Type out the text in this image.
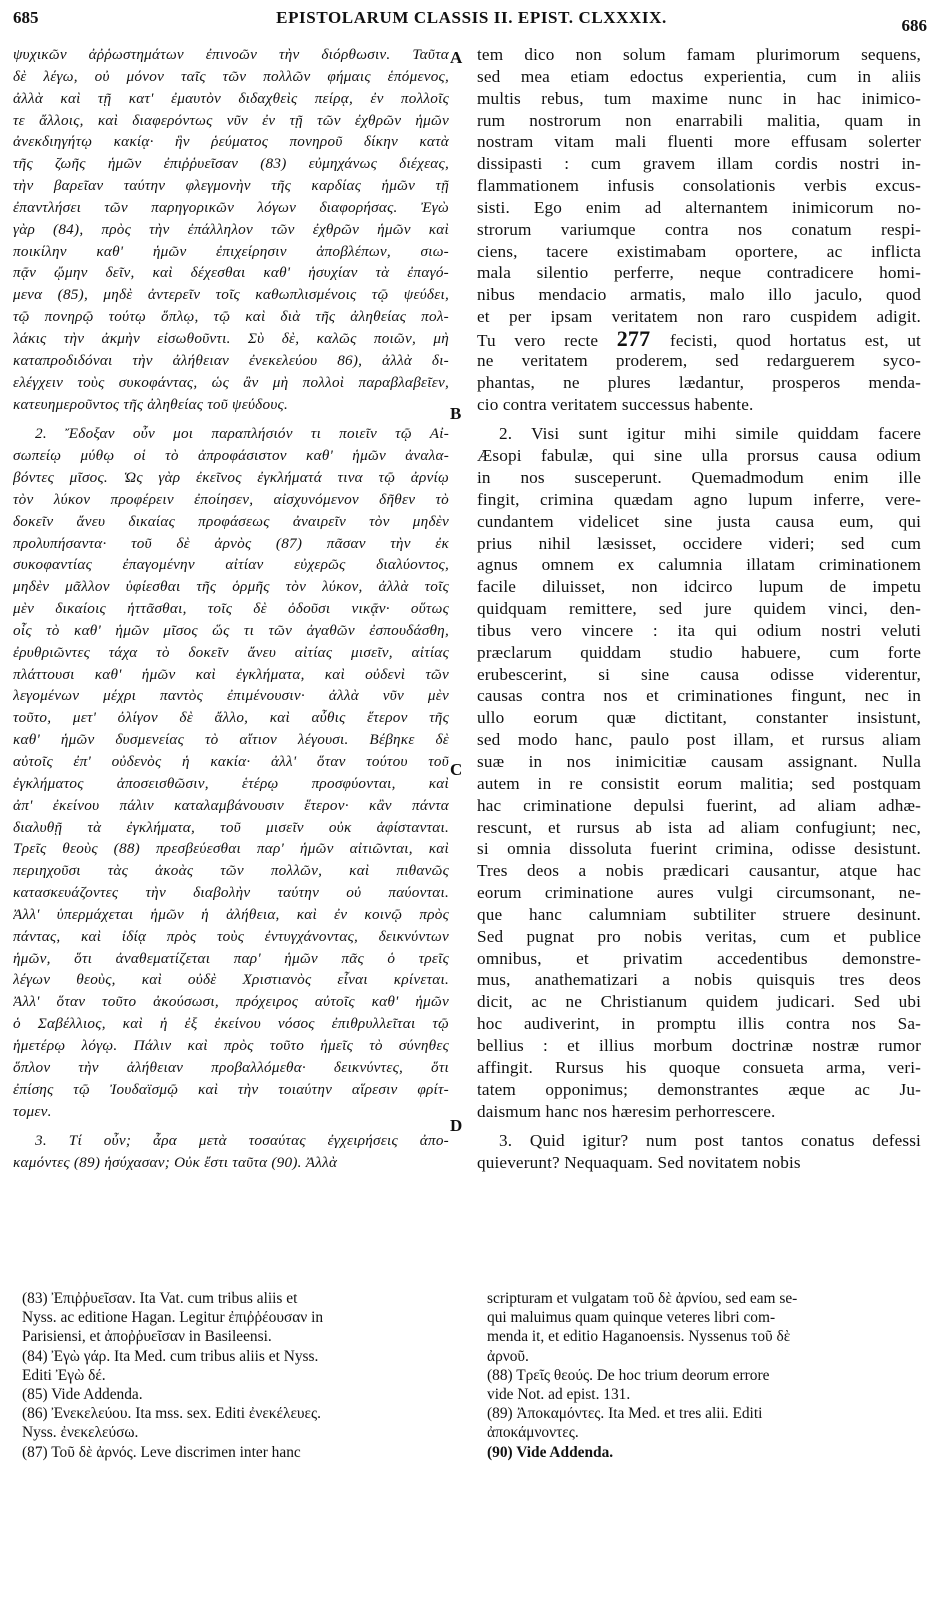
685	EPISTOLARUM CLASSIS II. EPIST. CLXXXIX.	686
ψυχικῶν ἀῤῥωστημάτων ἐπινοῶν τὴν διόρθωσιν. Ταῦτα
δὲ λέγω, οὐ μόνον ταῖς τῶν πολλῶν φήμαις ἑπόμενος,
ἀλλὰ καὶ τῇ κατ' ἐμαυτὸν διδαχθεὶς πείρᾳ, ἐν πολλοῖς
τε ἄλλοις, καὶ διαφερόντως νῦν ἐν τῇ τῶν ἐχθρῶν ἡμῶν
ἀνεκδιηγήτῳ κακίᾳ· ἣν ῥεύματος πονηροῦ δίκην κατὰ
τῆς ζωῆς ἡμῶν ἐπιῤῥυεῖσαν (83) εὐμηχάνως διέχεας,
τὴν βαρεῖαν ταύτην φλεγμονὴν τῆς καρδίας ἡμῶν τῇ
ἐπαντλήσει τῶν παρηγορικῶν λόγων διαφορήσας. Ἐγὼ
γὰρ (84), πρὸς τὴν ἐπάλληλον τῶν ἐχθρῶν ἡμῶν καὶ
ποικίλην καθ' ἡμῶν ἐπιχείρησιν ἀποβλέπων, σιω-
πᾷν ᾤμην δεῖν, καὶ δέχεσθαι καθ' ἡσυχίαν τὰ ἐπαγό-
μενα (85), μηδὲ ἀντερεῖν τοῖς καθωπλισμένοις τῷ ψεύδει,
τῷ πονηρῷ τούτῳ ὅπλῳ, τῷ καὶ διὰ τῆς ἀληθείας πολ-
λάκις τὴν ἀκμὴν εἰσωθοῦντι. Σὺ δὲ, καλῶς ποιῶν, μὴ
καταπροδιδόναι τὴν ἀλήθειαν ἐνεκελεύου 86), ἀλλὰ δι-
ελέγχειν τοὺς συκοφάντας, ὡς ἂν μὴ πολλοὶ παραβλαβεῖεν,
κατευημεροῦντος τῆς ἀληθείας τοῦ ψεύδους.
2. Ἔδοξαν οὖν μοι παραπλήσιόν τι ποιεῖν τῷ Αἰ-
σωπείῳ μύθῳ οἱ τὸ ἀπροφάσιστον καθ' ἡμῶν ἀναλα-
βόντες μῖσος. Ὡς γὰρ ἐκεῖνος ἐγκλήματά τινα τῷ ἀρνίῳ
τὸν λύκον προφέρειν ἐποίησεν, αἰσχυνόμενον δῆθεν τὸ
δοκεῖν ἄνευ δικαίας προφάσεως ἀναιρεῖν τὸν μηδὲν
προλυπήσαντα· τοῦ δὲ ἀρνὸς (87) πᾶσαν τὴν ἐκ
συκοφαντίας ἐπαγομένην αἰτίαν εὐχερῶς διαλύοντος,
μηδὲν μᾶλλον ὑφίεσθαι τῆς ὁρμῆς τὸν λύκον, ἀλλὰ τοῖς
μὲν δικαίοις ἡττᾶσθαι, τοῖς δὲ ὀδοῦσι νικᾷν· οὕτως
οἷς τὸ καθ' ἡμῶν μῖσος ὥς τι τῶν ἀγαθῶν ἐσπουδάσθη,
ἐρυθριῶντες τάχα τὸ δοκεῖν ἄνευ αἰτίας μισεῖν, αἰτίας
πλάττουσι καθ' ἡμῶν καὶ ἐγκλήματα, καὶ οὐδενὶ τῶν
λεγομένων μέχρι παντὸς ἐπιμένουσιν· ἀλλὰ νῦν μὲν
τοῦτο, μετ' ὀλίγον δὲ ἄλλο, καὶ αὖθις ἕτερον τῆς
καθ' ἡμῶν δυσμενείας τὸ αἴτιον λέγουσι. Βέβηκε δὲ
αὐτοῖς ἐπ' οὐδενὸς ἡ κακία· ἀλλ' ὅταν τούτου τοῦ
ἐγκλήματος ἀποσεισθῶσιν, ἑτέρῳ προσφύονται, καὶ
ἀπ' ἐκείνου πάλιν καταλαμβάνουσιν ἕτερον· κἂν πάντα
διαλυθῇ τὰ ἐγκλήματα, τοῦ μισεῖν οὐκ ἀφίστανται.
Τρεῖς θεοὺς (88) πρεσβεύεσθαι παρ' ἡμῶν αἰτιῶνται, καὶ
περιηχοῦσι τὰς ἀκοὰς τῶν πολλῶν, καὶ πιθανῶς
κατασκευάζοντες τὴν διαβολὴν ταύτην οὐ παύονται.
Ἀλλ' ὑπερμάχεται ἡμῶν ἡ ἀλήθεια, καὶ ἐν κοινῷ πρὸς
πάντας, καὶ ἰδίᾳ πρὸς τοὺς ἐντυγχάνοντας, δεικνύντων
ἡμῶν, ὅτι ἀναθεματίζεται παρ' ἡμῶν πᾶς ὁ τρεῖς
λέγων θεοὺς, καὶ οὐδὲ Χριστιανὸς εἶναι κρίνεται.
Ἀλλ' ὅταν τοῦτο ἀκούσωσι, πρόχειρος αὐτοῖς καθ' ἡμῶν
ὁ Σαβέλλιος, καὶ ἡ ἐξ ἐκείνου νόσος ἐπιθρυλλεῖται τῷ
ἡμετέρῳ λόγῳ. Πάλιν καὶ πρὸς τοῦτο ἡμεῖς τὸ σύνηθες
ὅπλον τὴν ἀλήθειαν προβαλλόμεθα· δεικνύντες, ὅτι
ἐπίσης τῷ Ἰουδαϊσμῷ καὶ τὴν τοιαύτην αἵρεσιν φρίτ-
τομεν.
3. Τί οὖν; ἆρα μετὰ τοσαύτας ἐγχειρήσεις ἀπο-
καμόντες (89) ἡσύχασαν; Οὐκ ἔστι ταῦτα (90). Ἀλλὰ
A
B
C
D
tem dico non solum famam plurimorum sequens,
sed mea etiam edoctus experientia, cum in aliis
multis rebus, tum maxime nunc in hac inimico-
rum nostrorum non enarrabili malitia, quam in
nostram vitam mali fluenti more effusam solerter
dissipasti : cum gravem illam cordis nostri in-
flammationem infusis consolationis verbis excus-
sisti. Ego enim ad alternantem inimicorum no-
strorum variumque contra nos conatum respi-
ciens, tacere existimabam oportere, ac inflicta
mala silentio perferre, neque contradicere homi-
nibus mendacio armatis, malo illo jaculo, quod
et per ipsam veritatem non raro cuspidem adigit.
Tu vero recte 277 fecisti, quod hortatus est, ut
ne veritatem proderem, sed redarguerem syco-
phantas, ne plures lædantur, prosperos menda-
cio contra veritatem successus habente.
2. Visi sunt igitur mihi simile quiddam facere
Æsopi fabulæ, qui sine ulla prorsus causa odium
in nos susceperunt. Quemadmodum enim ille
fingit, crimina quædam agno lupum inferre, vere-
cundantem videlicet sine justa causa eum, qui
prius nihil læsisset, occidere videri; sed cum
agnus omnem ex calumnia illatam criminationem
facile diluisset, non idcirco lupum de impetu
quidquam remittere, sed jure quidem vinci, den-
tibus vero vincere : ita qui odium nostri veluti
præclarum quiddam studio habuere, cum forte
erubescerint, si sine causa odisse viderentur,
causas contra nos et criminationes fingunt, nec in
ullo eorum quæ dictitant, constanter insistunt,
sed modo hanc, paulo post illam, et rursus aliam
suæ in nos inimicitiæ causam assignant. Nulla
autem in re consistit eorum malitia; sed postquam
hac criminatione depulsi fuerint, ad aliam adhæ-
rescunt, et rursus ab ista ad aliam confugiunt; nec,
si omnia dissoluta fuerint crimina, odisse desistunt.
Tres deos a nobis prædicari causantur, atque hac
eorum criminatione aures vulgi circumsonant, ne-
que hanc calumniam subtiliter struere desinunt.
Sed pugnat pro nobis veritas, cum et publice
omnibus, et privatim accedentibus demonstre-
mus, anathematizari a nobis quisquis tres deos
dicit, ac ne Christianum quidem judicari. Sed ubi
hoc audiverint, in promptu illis contra nos Sa-
bellius : et illius morbum doctrinæ nostræ rumor
affingit. Rursus his quoque consueta arma, veri-
tatem opponimus; demonstrantes æque ac Ju-
daismum hanc nos hæresim perhorrescere.
3. Quid igitur? num post tantos conatus defessi
quieverunt? Nequaquam. Sed novitatem nobis
(83) Ἐπιῤῥυεῖσαν. Ita Vat. cum tribus aliis et
Nyss. ac editione Hagan. Legitur ἐπιῤῥέουσαν in
Parisiensi, et ἀποῤῥυεῖσαν in Basileensi.
(84) Ἐγὼ γάρ. Ita Med. cum tribus aliis et Nyss.
Editi Ἐγὼ δέ.
(85) Vide Addenda.
(86) Ἐνεκελεύου. Ita mss. sex. Editi ἐνεκέλευες.
Nyss. ἐνεκελεύσω.
(87) Τοῦ δὲ ἀρνός. Leve discrimen inter hanc
scripturam et vulgatam τοῦ δὲ ἀρνίου, sed eam se-
qui maluimus quam quinque veteres libri com-
menda it, et editio Haganoensis. Nyssenus τοῦ δὲ
ἀρνοῦ.
(88) Τρεῖς θεούς. De hoc trium deorum errore
vide Not. ad epist. 131.
(89) Ἀποκαμόντες. Ita Med. et tres alii. Editi
ἀποκάμνοντες.
(90) Vide Addenda.
